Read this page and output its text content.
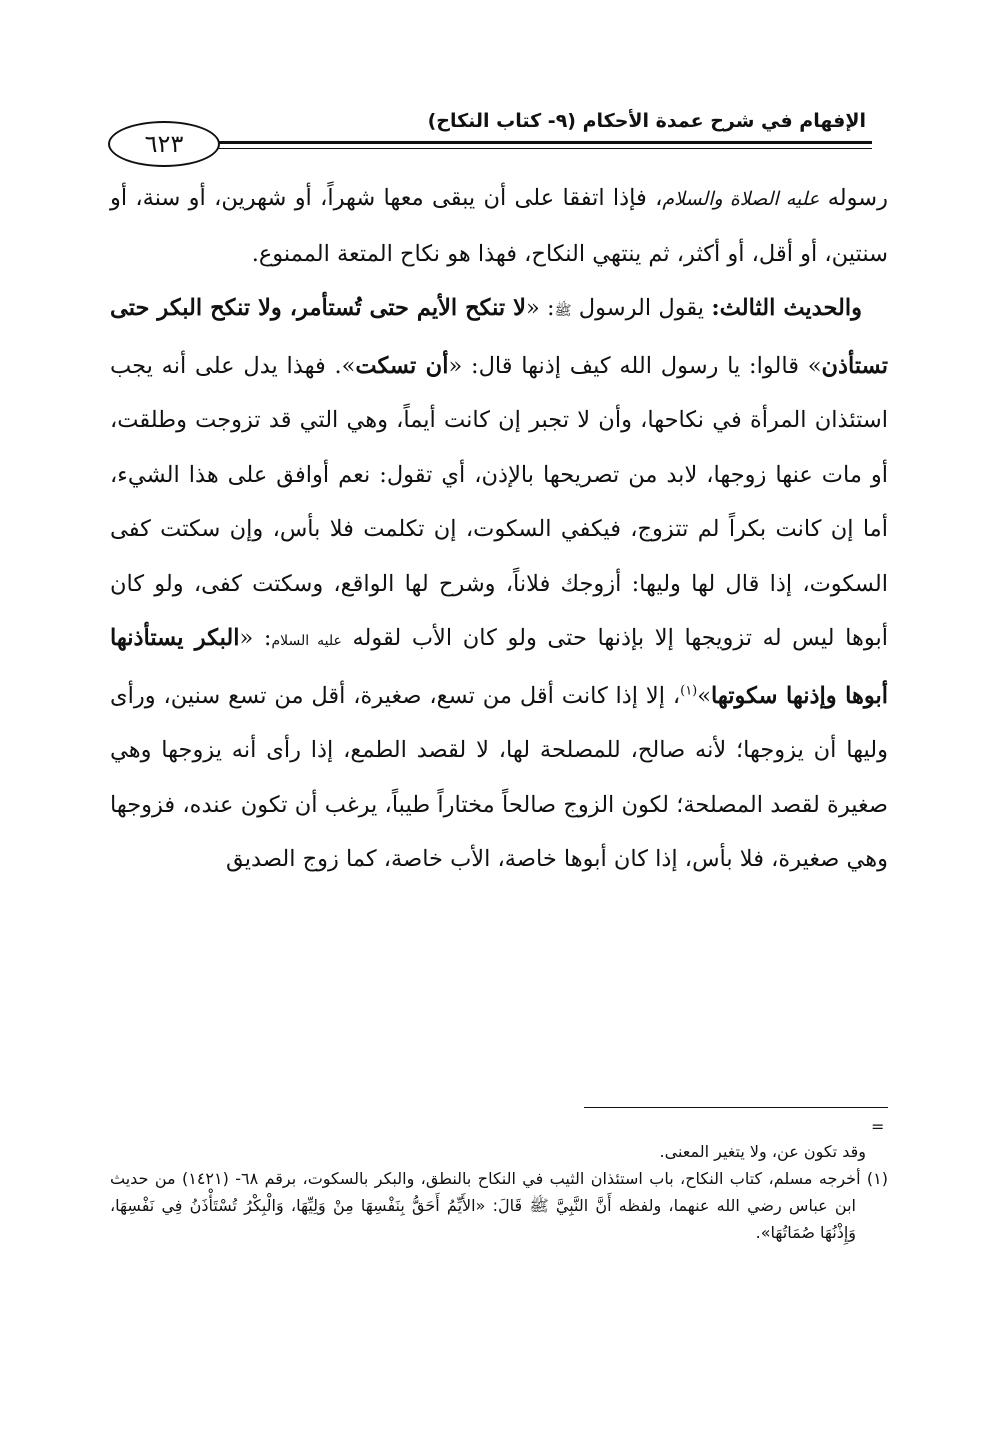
الإفهام في شرح عمدة الأحكام (٩- كتاب النكاح)
٦٢٣

رسوله عليه الصلاة والسلام، فإذا اتفقا على أن يبقى معها شهراً، أو شهرين، أو سنة، أو سنتين، أو أقل، أو أكثر، ثم ينتهي النكاح، فهذا هو نكاح المتعة الممنوع.

والحديث الثالث: يقول الرسول ﷺ: «لا تنكح الأيم حتى تُستأمر، ولا تنكح البكر حتى تستأذن» قالوا: يا رسول الله كيف إذنها قال: «أن تسكت». فهذا يدل على أنه يجب استئذان المرأة في نكاحها، وأن لا تجبر إن كانت أيماً، وهي التي قد تزوجت وطلقت، أو مات عنها زوجها، لابد من تصريحها بالإذن، أي تقول: نعم أوافق على هذا الشيء، أما إن كانت بكراً لم تتزوج، فيكفي السكوت، إن تكلمت فلا بأس، وإن سكتت كفى السكوت، إذا قال لها وليها: أزوجك فلاناً، وشرح لها الواقع، وسكتت كفى، ولو كان أبوها ليس له تزويجها إلا بإذنها حتى ولو كان الأب لقوله عليه السلام: «البكر يستأذنها أبوها وإذنها سكوتها»$^{(١)}$، إلا إذا كانت أقل من تسع، صغيرة، أقل من تسع سنين، ورأى وليها أن يزوجها؛ لأنه صالح، للمصلحة لها، لا لقصد الطمع، إذا رأى أنه يزوجها وهي صغيرة لقصد المصلحة؛ لكون الزوج صالحاً مختاراً طيباً، يرغب أن تكون عنده، فزوجها وهي صغيرة، فلا بأس، إذا كان أبوها خاصة، الأب خاصة، كما زوج الصديق

=

وقد تكون عن، ولا يتغير المعنى.

(١) أخرجه مسلم، كتاب النكاح، باب استئذان الثيب في النكاح بالنطق، والبكر بالسكوت، برقم ٦٨- (١٤٢١) من حديث ابن عباس رضي الله عنهما، ولفظه أَنَّ النَّبِيَّ ﷺ قَالَ: «الأَيِّمُ أَحَقُّ بِنَفْسِهَا مِنْ وَلِيِّهَا، وَالْبِكْرُ تُسْتَأْذَنُ فِي نَفْسِهَا، وَإِذْنُهَا صُمَاتُهَا».
